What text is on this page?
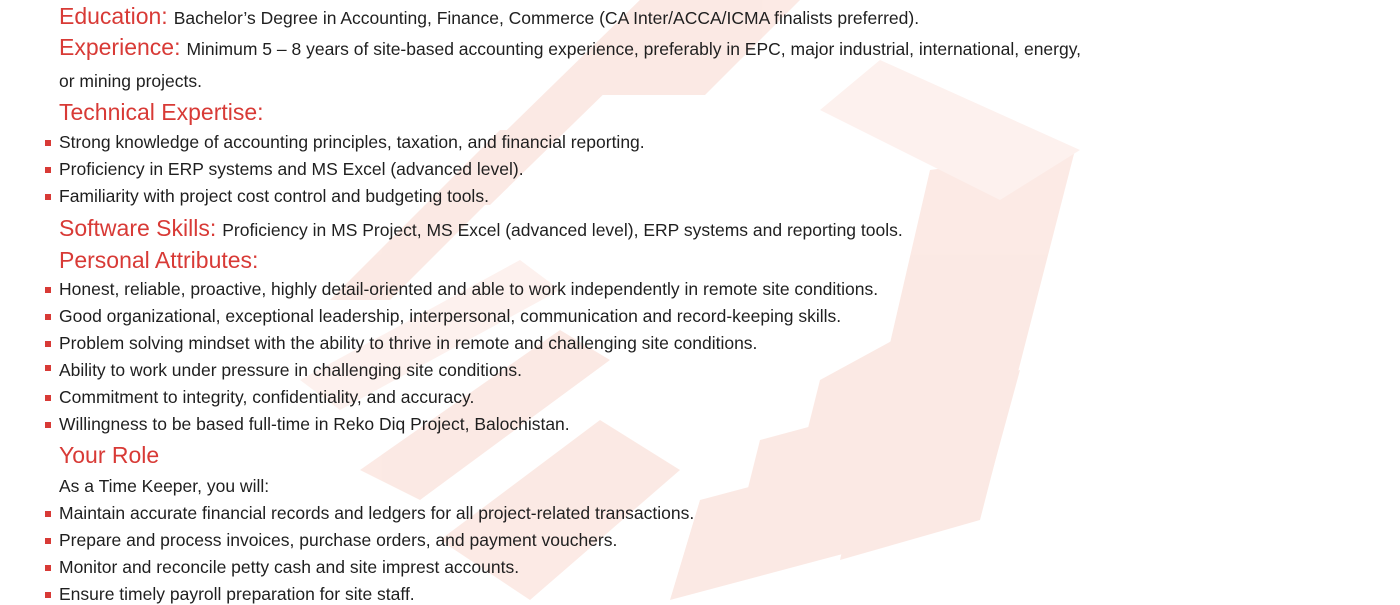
Education: Bachelor’s Degree in Accounting, Finance, Commerce (CA Inter/ACCA/ICMA finalists preferred).
Experience: Minimum 5 – 8 years of site-based accounting experience, preferably in EPC, major industrial, international, energy,
or mining projects.
Technical Expertise:
Strong knowledge of accounting principles, taxation, and financial reporting.
Proficiency in ERP systems and MS Excel (advanced level).
Familiarity with project cost control and budgeting tools.
Software Skills: Proficiency in MS Project, MS Excel (advanced level), ERP systems and reporting tools.
Personal Attributes:
Honest, reliable, proactive, highly detail-oriented and able to work independently in remote site conditions.
Good organizational, exceptional leadership, interpersonal, communication and record-keeping skills.
Problem solving mindset with the ability to thrive in remote and challenging site conditions.
Ability to work under pressure in challenging site conditions.
Commitment to integrity, confidentiality, and accuracy.
Willingness to be based full-time in Reko Diq Project, Balochistan.
Your Role
As a Time Keeper, you will:
Maintain accurate financial records and ledgers for all project-related transactions.
Prepare and process invoices, purchase orders, and payment vouchers.
Monitor and reconcile petty cash and site imprest accounts.
Ensure timely payroll preparation for site staff.
